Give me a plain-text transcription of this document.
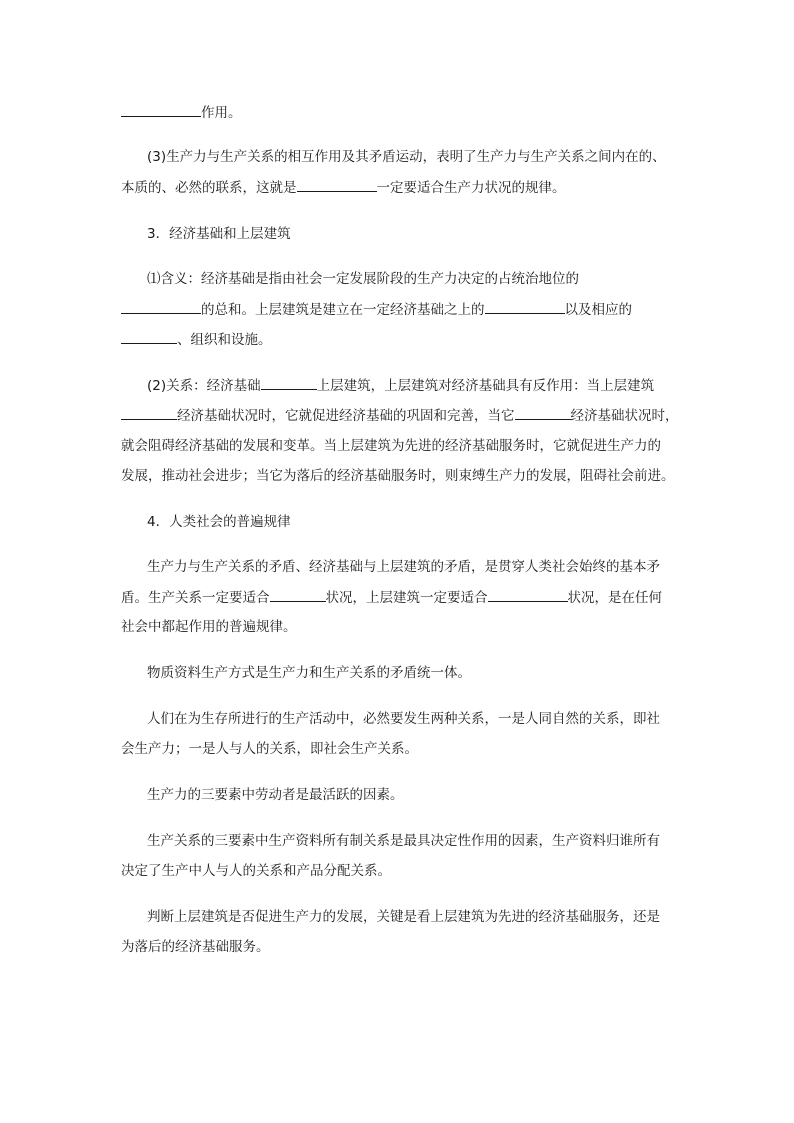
作用。
(3)生产力与生产关系的相互作用及其矛盾运动，表明了生产力与生产关系之间内在的、
本质的、必然的联系，这就是	一定要适合生产力状况的规律。
3．经济基础和上层建筑
⑴含义：经济基础是指由社会一定发展阶段的生产力决定的占统治地位的
的总和。上层建筑是建立在一定经济基础之上的	以及相应的
、组织和设施。
(2)关系：经济基础	上层建筑，上层建筑对经济基础具有反作用：当上层建筑
经济基础状况时，它就促进经济基础的巩固和完善，当它	经济基础状况时，
就会阻碍经济基础的发展和变革。当上层建筑为先进的经济基础服务时，它就促进生产力的
发展，推动社会进步；当它为落后的经济基础服务时，则束缚生产力的发展，阻碍社会前进。
4．人类社会的普遍规律
生产力与生产关系的矛盾、经济基础与上层建筑的矛盾，是贯穿人类社会始终的基本矛
盾。生产关系一定要适合	状况，上层建筑一定要适合	状况，是在任何
社会中都起作用的普遍规律。
物质资料生产方式是生产力和生产关系的矛盾统一体。
人们在为生存所进行的生产活动中，必然要发生两种关系，一是人同自然的关系，即社
会生产力；一是人与人的关系，即社会生产关系。
生产力的三要素中劳动者是最活跃的因素。
生产关系的三要素中生产资料所有制关系是最具决定性作用的因素，生产资料归谁所有
决定了生产中人与人的关系和产品分配关系。
判断上层建筑是否促进生产力的发展，关键是看上层建筑为先进的经济基础服务，还是
为落后的经济基础服务。
